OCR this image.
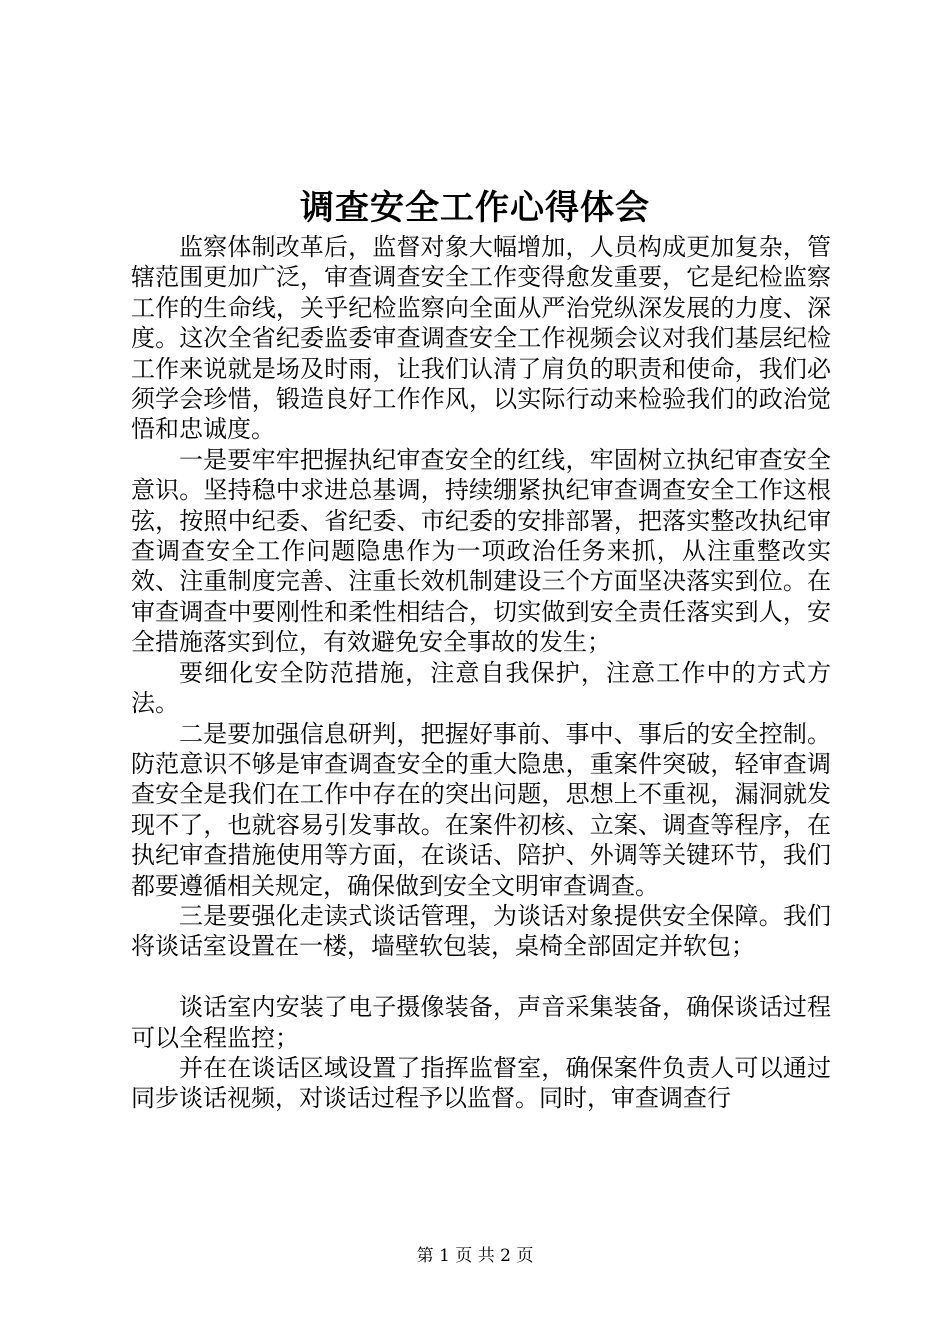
调查安全工作心得体会

监察体制改革后，监督对象大幅增加，人员构成更加复杂，管辖范围更加广泛，审查调查安全工作变得愈发重要，它是纪检监察工作的生命线，关乎纪检监察向全面从严治党纵深发展的力度、深度。这次全省纪委监委审查调查安全工作视频会议对我们基层纪检工作来说就是场及时雨，让我们认清了肩负的职责和使命，我们必须学会珍惜，锻造良好工作作风，以实际行动来检验我们的政治觉悟和忠诚度。

一是要牢牢把握执纪审查安全的红线，牢固树立执纪审查安全意识。坚持稳中求进总基调，持续绷紧执纪审查调查安全工作这根弦，按照中纪委、省纪委、市纪委的安排部署，把落实整改执纪审查调查安全工作问题隐患作为一项政治任务来抓，从注重整改实效、注重制度完善、注重长效机制建设三个方面坚决落实到位。在审查调查中要刚性和柔性相结合，切实做到安全责任落实到人，安全措施落实到位，有效避免安全事故的发生；

要细化安全防范措施，注意自我保护，注意工作中的方式方法。

二是要加强信息研判，把握好事前、事中、事后的安全控制。防范意识不够是审查调查安全的重大隐患，重案件突破，轻审查调查安全是我们在工作中存在的突出问题，思想上不重视，漏洞就发现不了，也就容易引发事故。在案件初核、立案、调查等程序，在执纪审查措施使用等方面，在谈话、陪护、外调等关键环节，我们都要遵循相关规定，确保做到安全文明审查调查。

三是要强化走读式谈话管理，为谈话对象提供安全保障。我们将谈话室设置在一楼，墙壁软包装，桌椅全部固定并软包；

谈话室内安装了电子摄像装备，声音采集装备，确保谈话过程可以全程监控；

并在在谈话区域设置了指挥监督室，确保案件负责人可以通过同步谈话视频，对谈话过程予以监督。同时，审查调查行

第 1 页 共 2 页
